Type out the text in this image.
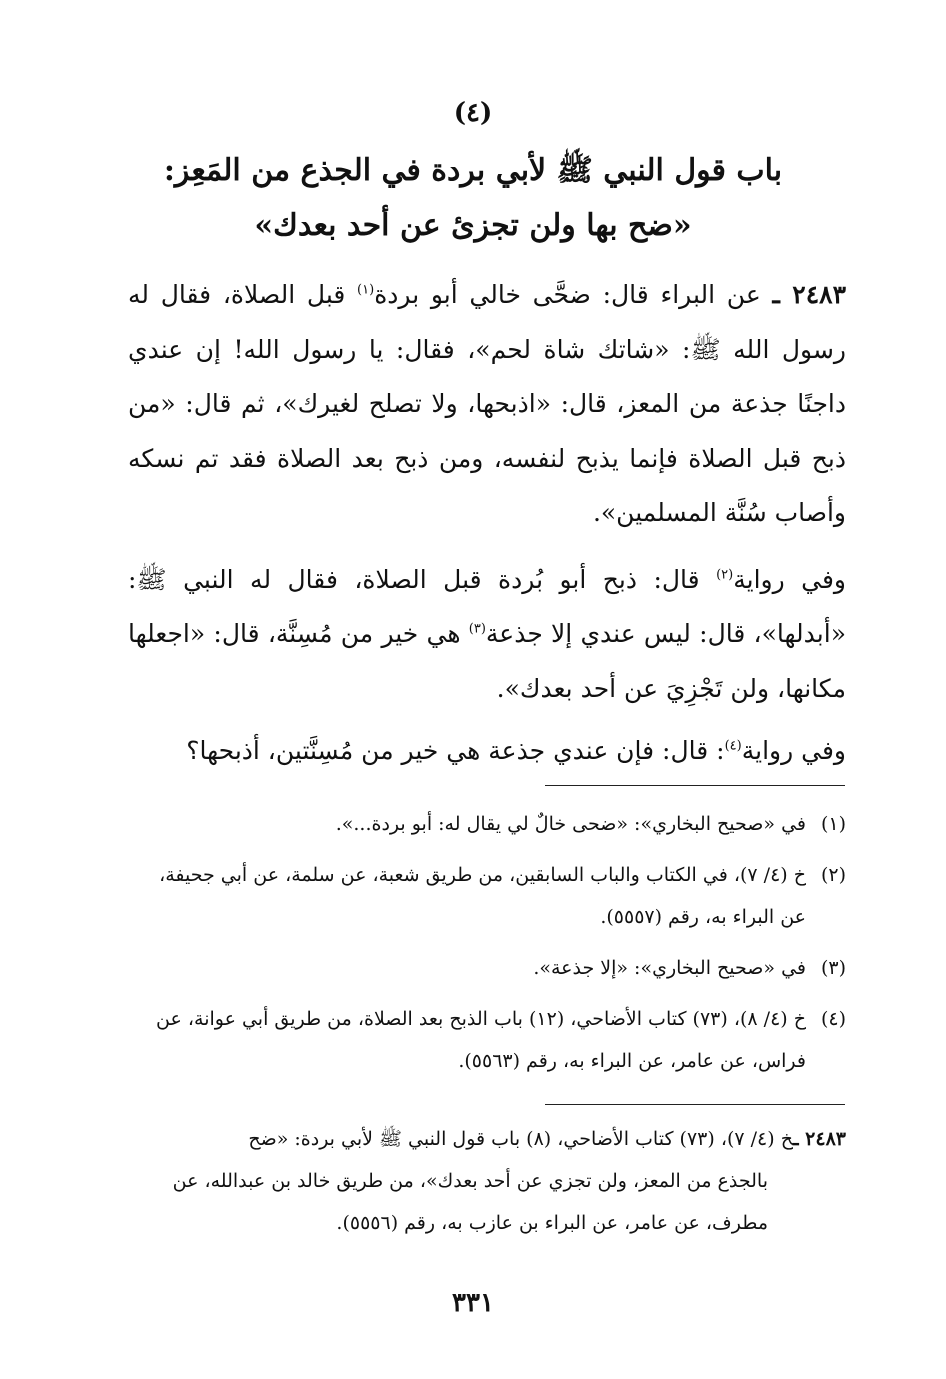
(٤)
باب قول النبي ﷺ لأبي بردة في الجذع من المَعِز:
«ضح بها ولن تجزئ عن أحد بعدك»

٢٤٨٣ ـ عن البراء قال: ضحَّى خالي أبو بردة$^{(١)}$ قبل الصلاة، فقال له رسول الله ﷺ: «شاتك شاة لحم»، فقال: يا رسول الله! إن عندي داجنًا جذعة من المعز، قال: «اذبحها، ولا تصلح لغيرك»، ثم قال: «من ذبح قبل الصلاة فإنما يذبح لنفسه، ومن ذبح بعد الصلاة فقد تم نسكه وأصاب سُنَّة المسلمين».

وفي رواية$^{(٢)}$ قال: ذبح أبو بُردة قبل الصلاة، فقال له النبي ﷺ: «أبدلها»، قال: ليس عندي إلا جذعة$^{(٣)}$ هي خير من مُسِنَّة، قال: «اجعلها مكانها، ولن تَجْزِيَ عن أحد بعدك».

وفي رواية$^{(٤)}$: قال: فإن عندي جذعة هي خير من مُسِنَّتين، أذبحها؟

(١)
في «صحيح البخاري»: «ضحى خالٌ لي يقال له: أبو بردة...».
(٢)
خ (٤/ ٧)، في الكتاب والباب السابقين، من طريق شعبة، عن سلمة، عن أبي جحيفة، عن البراء به، رقم (٥٥٥٧).
(٣)
في «صحيح البخاري»: «إلا جذعة».
(٤)
خ (٤/ ٨)، (٧٣) كتاب الأضاحي، (١٢) باب الذبح بعد الصلاة، من طريق أبي عوانة، عن فراس، عن عامر، عن البراء به، رقم (٥٥٦٣).
٢٤٨٣ ـخ (٤/ ٧)، (٧٣) كتاب الأضاحي، (٨) باب قول النبي ﷺ لأبي بردة: «ضح
بالجذع من المعز، ولن تجزي عن أحد بعدك»، من طريق خالد بن عبدالله، عن مطرف، عن عامر، عن البراء بن عازب به، رقم (٥٥٥٦).
٣٣١
